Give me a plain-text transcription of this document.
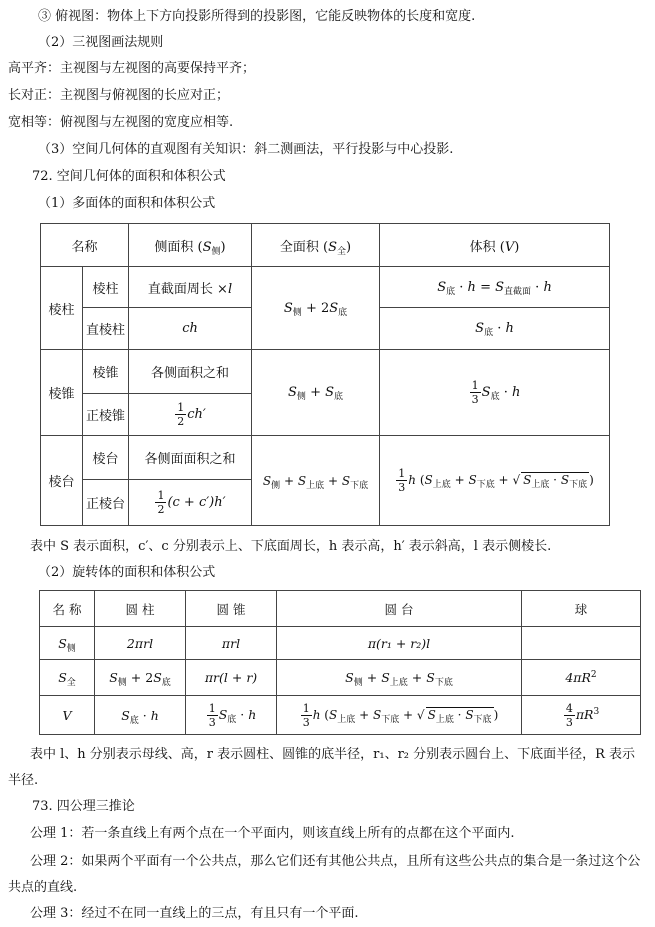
③ 俯视图：物体上下方向投影所得到的投影图，它能反映物体的长度和宽度.
（2）三视图画法规则
高平齐：主视图与左视图的高要保持平齐；
长对正：主视图与俯视图的长应对正；
宽相等：俯视图与左视图的宽度应相等.
（3）空间几何体的直观图有关知识：斜二测画法，平行投影与中心投影.
72. 空间几何体的面积和体积公式
（1）多面体的面积和体积公式
名称		侧面积 $(S_侧)$	全面积 $(S_全)$	体积 (V)
棱柱	棱柱	直截面周长 ×l	$S_侧 + 2S_底$	$S_底 \cdot h = S_{直截面} \cdot h$
	直棱柱	ch		$S_底 \cdot h$
棱锥	棱锥	各侧面积之和	$S_侧 + S_底$	$\frac{1}{3} S_底 \cdot h$
	正棱锥	$\frac{1}{2} ch'$		
棱台	棱台	各侧面面积之和	$S_侧 + S_{上底} + S_{下底}$	$\frac{1}{3}$ h ($S_{上底} + S_{下底}$ + √ $S_{上底} \cdot S_{下底}$ )
	正棱台	$\frac{1}{2} (c + c')h'$		
表中 S 表示面积，c′、c 分别表示上、下底面周长，h 表示高，h′ 表示斜高，l 表示侧棱长.
（2）旋转体的面积和体积公式
名 称	圆 柱	圆 锥	圆 台	球
$S_侧$	2πrl	πrl	π(r₁ + r₂)l	
$S_全$	$S_侧 + 2S_底$	πr(l + r)	$S_侧 + S_{上底} + S_{下底}$	$4\pi R^2$
V	$S_底 \cdot h$	$\frac{1}{3} S_底 \cdot h$	$\frac{1}{3}$ h ($S_{上底} + S_{下底}$ + √ $S_{上底} \cdot S_{下底}$ )	$\frac{4}{3} \pi R^3$
表中 l、h 分别表示母线、高，r 表示圆柱、圆锥的底半径，r₁、r₂ 分别表示圆台上、下底面半径，R 表示半径.
73. 四公理三推论
公理 1：若一条直线上有两个点在一个平面内，则该直线上所有的点都在这个平面内.
公理 2：如果两个平面有一个公共点，那么它们还有其他公共点，且所有这些公共点的集合是一条过这个公共点的直线.
公理 3：经过不在同一直线上的三点，有且只有一个平面.
